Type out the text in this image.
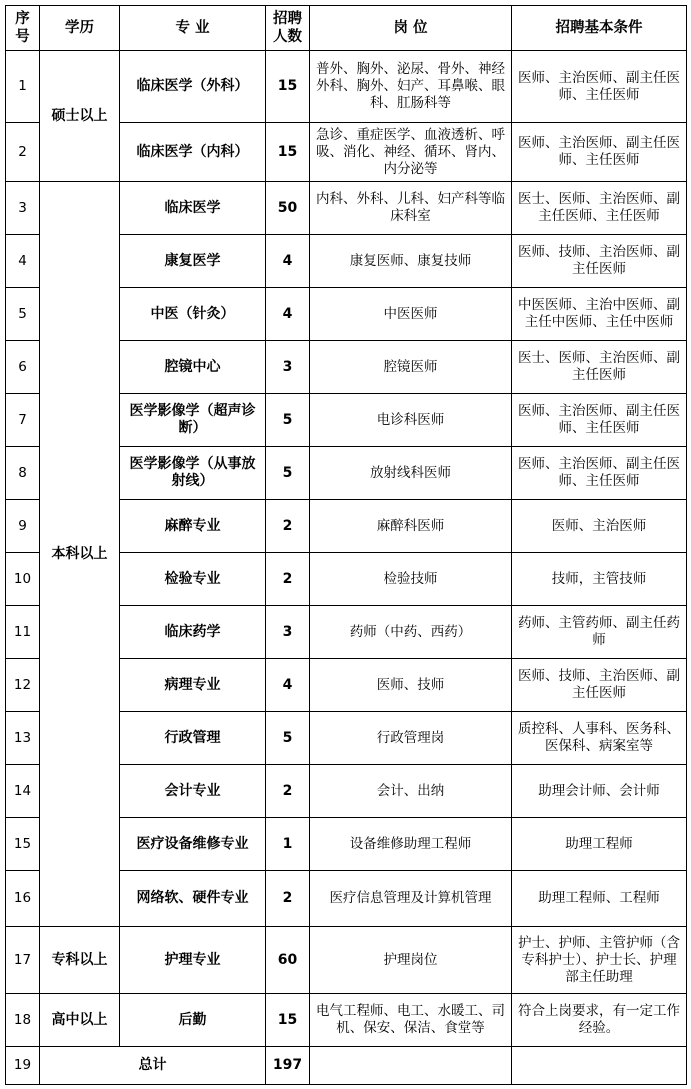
序号	学历	专 业	招聘人数	岗 位	招聘基本条件
1	硕士以上	临床医学（外科）	15	普外、胸外、泌尿、骨外、神经外科、胸外、妇产、耳鼻喉、眼科、肛肠科等	医师、主治医师、副主任医师、主任医师
2		临床医学（内科）	15	急诊、重症医学、血液透析、呼吸、消化、神经、循环、肾内、内分泌等	医师、主治医师、副主任医师、主任医师
3	本科以上	临床医学	50	内科、外科、儿科、妇产科等临床科室	医士、医师、主治医师、副主任医师、主任医师
4		康复医学	4	康复医师、康复技师	医师、技师、主治医师、副主任医师
5		中医（针灸）	4	中医医师	中医医师、主治中医师、副主任中医师、主任中医师
6		腔镜中心	3	腔镜医师	医士、医师、主治医师、副主任医师
7		医学影像学（超声诊断）	5	电诊科医师	医师、主治医师、副主任医师、主任医师
8		医学影像学（从事放射线）	5	放射线科医师	医师、主治医师、副主任医师、主任医师
9		麻醉专业	2	麻醉科医师	医师、主治医师
10		检验专业	2	检验技师	技师，主管技师
11		临床药学	3	药师（中药、西药）	药师、主管药师、副主任药师
12		病理专业	4	医师、技师	医师、技师、主治医师、副主任医师
13		行政管理	5	行政管理岗	质控科、人事科、医务科、医保科、病案室等
14		会计专业	2	会计、出纳	助理会计师、会计师
15		医疗设备维修专业	1	设备维修助理工程师	助理工程师
16		网络软、硬件专业	2	医疗信息管理及计算机管理	助理工程师、工程师
17	专科以上	护理专业	60	护理岗位	护士、护师、主管护师（含专科护士）、护士长、护理部主任助理
18	高中以上	后勤	15	电气工程师、电工、水暖工、司机、保安、保洁、食堂等	符合上岗要求，有一定工作经验。
19	总计		197		
